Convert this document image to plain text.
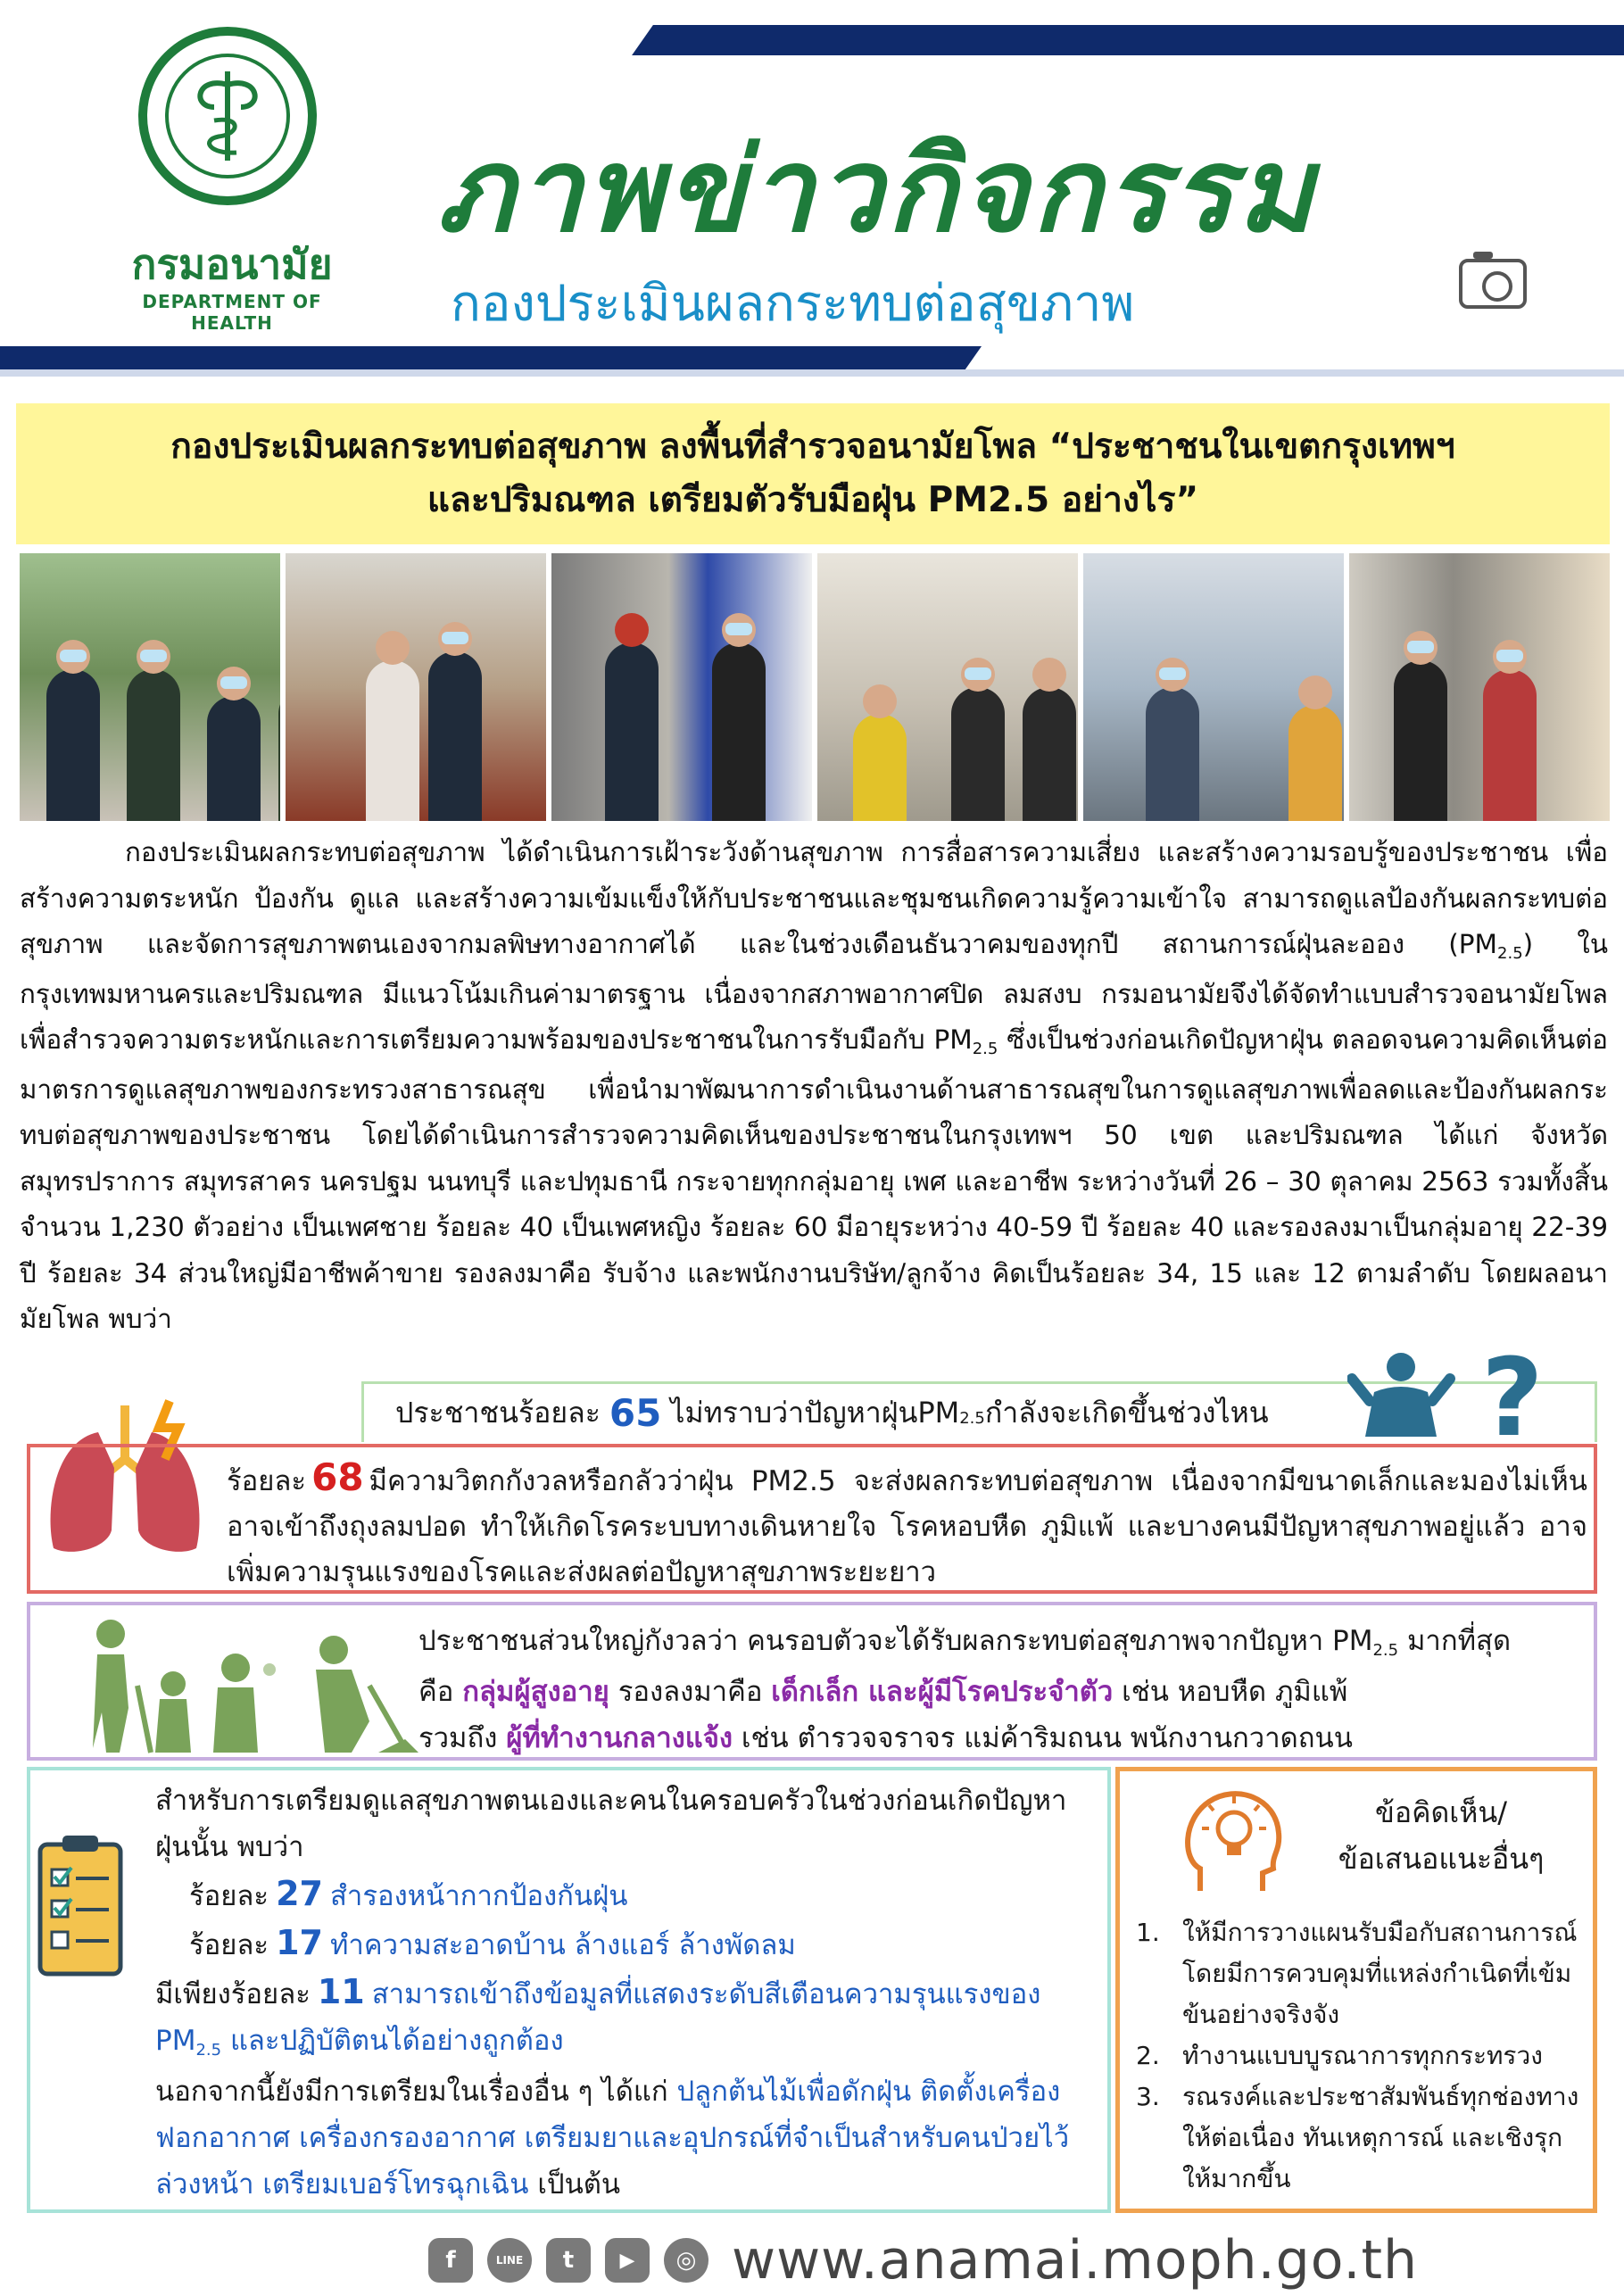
กรมอนามัย
DEPARTMENT OF HEALTH
ภาพข่าวกิจกรรม
กองประเมินผลกระทบต่อสุขภาพ
กองประเมินผลกระทบต่อสุขภาพ ลงพื้นที่สำรวจอนามัยโพล “ประชาชนในเขตกรุงเทพฯ
และปริมณฑล เตรียมตัวรับมือฝุ่น PM2.5 อย่างไร”
กองประเมินผลกระทบต่อสุขภาพ ได้ดำเนินการเฝ้าระวังด้านสุขภาพ การสื่อสารความเสี่ยง และสร้างความรอบรู้ของประชาชน เพื่อสร้างความตระหนัก ป้องกัน ดูแล และสร้างความเข้มแข็งให้กับประชาชนและชุมชนเกิดความรู้ความเข้าใจ สามารถดูแลป้องกันผลกระทบต่อสุขภาพ และจัดการสุขภาพตนเองจากมลพิษทางอากาศได้ และในช่วงเดือนธันวาคมของทุกปี สถานการณ์ฝุ่นละออง $(PM_{2.5})$ ในกรุงเทพมหานครและปริมณฑล มีแนวโน้มเกินค่ามาตรฐาน เนื่องจากสภาพอากาศปิด ลมสงบ กรมอนามัยจึงได้จัดทำแบบสำรวจอนามัยโพล เพื่อสำรวจความตระหนักและการเตรียมความพร้อมของประชาชนในการรับมือกับ $PM_{2.5}$ ซึ่งเป็นช่วงก่อนเกิดปัญหาฝุ่น ตลอดจนความคิดเห็นต่อมาตรการดูแลสุขภาพของกระทรวงสาธารณสุข เพื่อนำมาพัฒนาการดำเนินงานด้านสาธารณสุขในการดูแลสุขภาพเพื่อลดและป้องกันผลกระทบต่อสุขภาพของประชาชน โดยได้ดำเนินการสำรวจความคิดเห็นของประชาชนในกรุงเทพฯ 50 เขต และปริมณฑล ได้แก่ จังหวัดสมุทรปราการ สมุทรสาคร นครปฐม นนทบุรี และปทุมธานี กระจายทุกกลุ่มอายุ เพศ และอาชีพ ระหว่างวันที่ 26 – 30 ตุลาคม 2563 รวมทั้งสิ้น จำนวน 1,230 ตัวอย่าง เป็นเพศชาย ร้อยละ 40 เป็นเพศหญิง ร้อยละ 60 มีอายุระหว่าง 40-59 ปี ร้อยละ 40 และรองลงมาเป็นกลุ่มอายุ 22-39 ปี ร้อยละ 34 ส่วนใหญ่มีอาชีพค้าขาย รองลงมาคือ รับจ้าง และพนักงานบริษัท/ลูกจ้าง คิดเป็นร้อยละ 34, 15 และ 12 ตามลำดับ โดยผลอนามัยโพล พบว่า
ประชาชนร้อยละ 65 ไม่ทราบว่าปัญหาฝุ่น$PM_{2.5}$ กำลังจะเกิดขึ้นช่วงไหน ?
ร้อยละ 68 มีความวิตกกังวลหรือกลัวว่าฝุ่น PM2.5 จะส่งผลกระทบต่อสุขภาพ เนื่องจากมีขนาดเล็กและมองไม่เห็น อาจเข้าถึงถุงลมปอด ทำให้เกิดโรคระบบทางเดินหายใจ โรคหอบหืด ภูมิแพ้ และบางคนมีปัญหาสุขภาพอยู่แล้ว อาจเพิ่มความรุนแรงของโรคและส่งผลต่อปัญหาสุขภาพระยะยาว
ประชาชนส่วนใหญ่กังวลว่า คนรอบตัวจะได้รับผลกระทบต่อสุขภาพจากปัญหา $PM_{2.5}$ มากที่สุด
คือ กลุ่มผู้สูงอายุ รองลงมาคือ เด็กเล็ก และผู้มีโรคประจำตัว เช่น หอบหืด ภูมิแพ้
รวมถึง ผู้ที่ทำงานกลางแจ้ง เช่น ตำรวจจราจร แม่ค้าริมถนน พนักงานกวาดถนน
สำหรับการเตรียมดูแลสุขภาพตนเองและคนในครอบครัวในช่วงก่อนเกิดปัญหาฝุ่นนั้น พบว่า
ร้อยละ 27 สำรองหน้ากากป้องกันฝุ่น
ร้อยละ 17 ทำความสะอาดบ้าน ล้างแอร์ ล้างพัดลม
มีเพียงร้อยละ 11 สามารถเข้าถึงข้อมูลที่แสดงระดับสีเตือนความรุนแรงของ $PM_{2.5}$ และปฏิบัติตนได้อย่างถูกต้อง
นอกจากนี้ยังมีการเตรียมในเรื่องอื่น ๆ ได้แก่ ปลูกต้นไม้เพื่อดักฝุ่น ติดตั้งเครื่องฟอกอากาศ เครื่องกรองอากาศ เตรียมยาและอุปกรณ์ที่จำเป็นสำหรับคนป่วยไว้ล่วงหน้า เตรียมเบอร์โทรฉุกเฉิน เป็นต้น
ข้อคิดเห็น/
ข้อเสนอแนะอื่นๆ
1. ให้มีการวางแผนรับมือกับสถานการณ์ โดยมีการควบคุมที่แหล่งกำเนิดที่เข้มข้นอย่างจริงจัง
2. ทำงานแบบบูรณาการทุกกระทรวง
3. รณรงค์และประชาสัมพันธ์ทุกช่องทางให้ต่อเนื่อง ทันเหตุการณ์ และเชิงรุกให้มากขึ้น
f	LINE	t	▶	◎ www.anamai.moph.go.th
